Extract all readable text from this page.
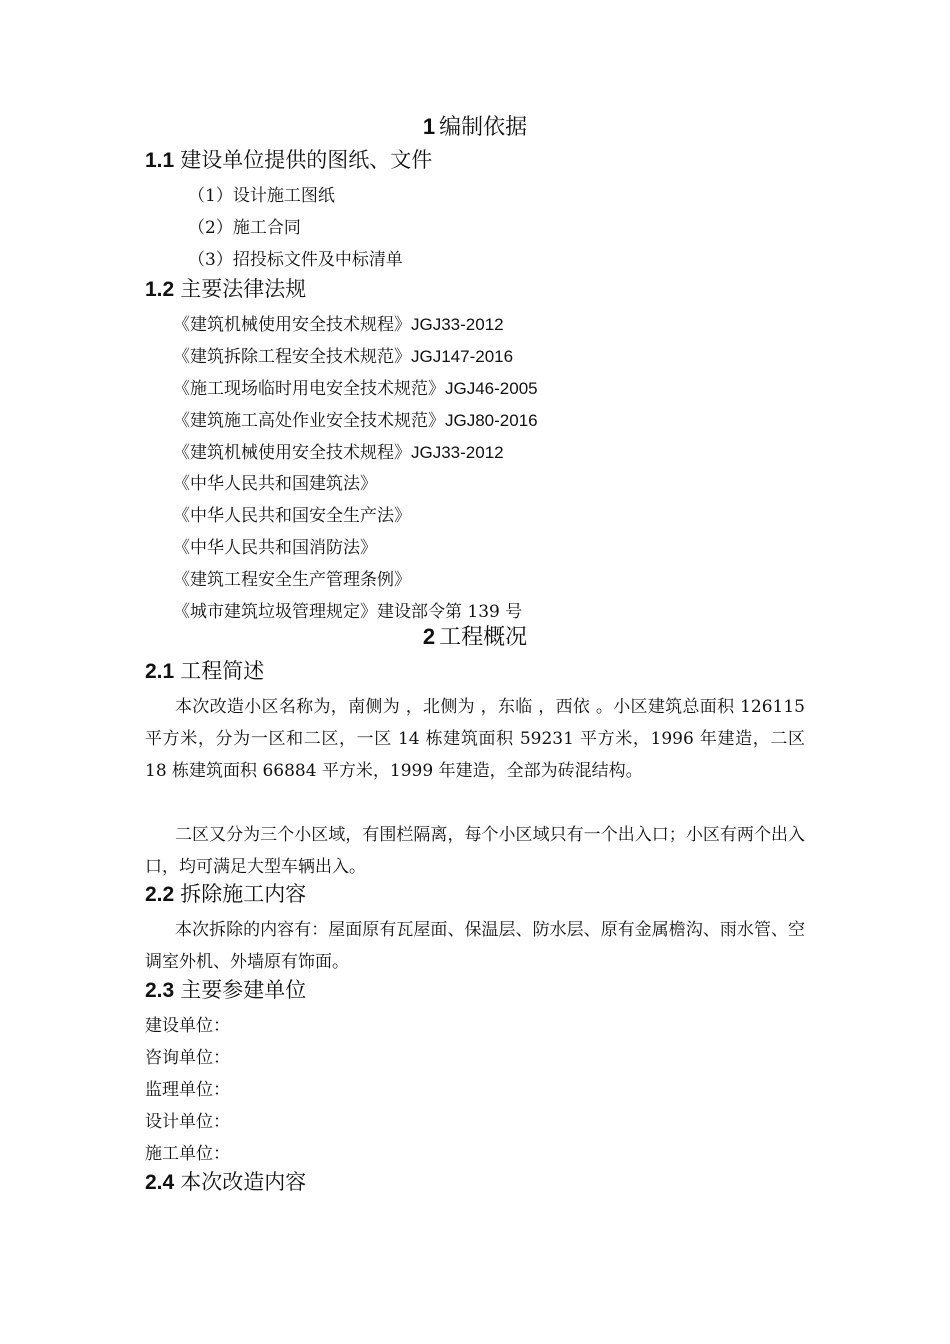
1 编制依据
1.1 建设单位提供的图纸、文件
（1）设计施工图纸
（2）施工合同
（3）招投标文件及中标清单
1.2 主要法律法规
《建筑机械使用安全技术规程》JGJ33-2012
《建筑拆除工程安全技术规范》JGJ147-2016
《施工现场临时用电安全技术规范》JGJ46-2005
《建筑施工高处作业安全技术规范》JGJ80-2016
《建筑机械使用安全技术规程》JGJ33-2012
《中华人民共和国建筑法》
《中华人民共和国安全生产法》
《中华人民共和国消防法》
《建筑工程安全生产管理条例》
《城市建筑垃圾管理规定》建设部令第 139 号
2 工程概况
2.1 工程简述

本次改造小区名称为，南侧为 ，北侧为 ，东临 ，西依 。小区建筑总面积 126115 平方米，分为一区和二区，一区 14 栋建筑面积 59231 平方米，1996 年建造，二区 18 栋建筑面积 66884 平方米，1999 年建造，全部为砖混结构。

二区又分为三个小区域，有围栏隔离，每个小区域只有一个出入口；小区有两个出入口，均可满足大型车辆出入。

2.2 拆除施工内容

本次拆除的内容有：屋面原有瓦屋面、保温层、防水层、原有金属檐沟、雨水管、空调室外机、外墙原有饰面。

2.3 主要参建单位
建设单位：
咨询单位：
监理单位：
设计单位：
施工单位：
2.4 本次改造内容
